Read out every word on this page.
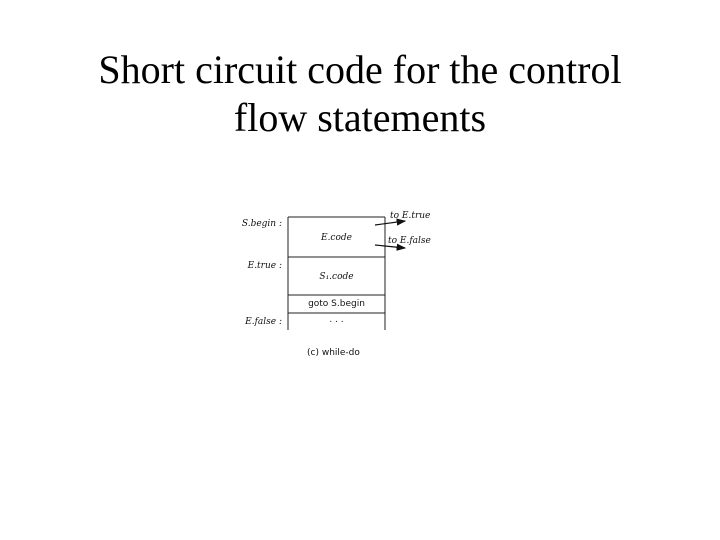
Short circuit code for the control
flow statements
S.begin :
E.true :
E.false :
E.code
S₁.code
goto S.begin
. . .
to E.true
to E.false
(c) while-do
